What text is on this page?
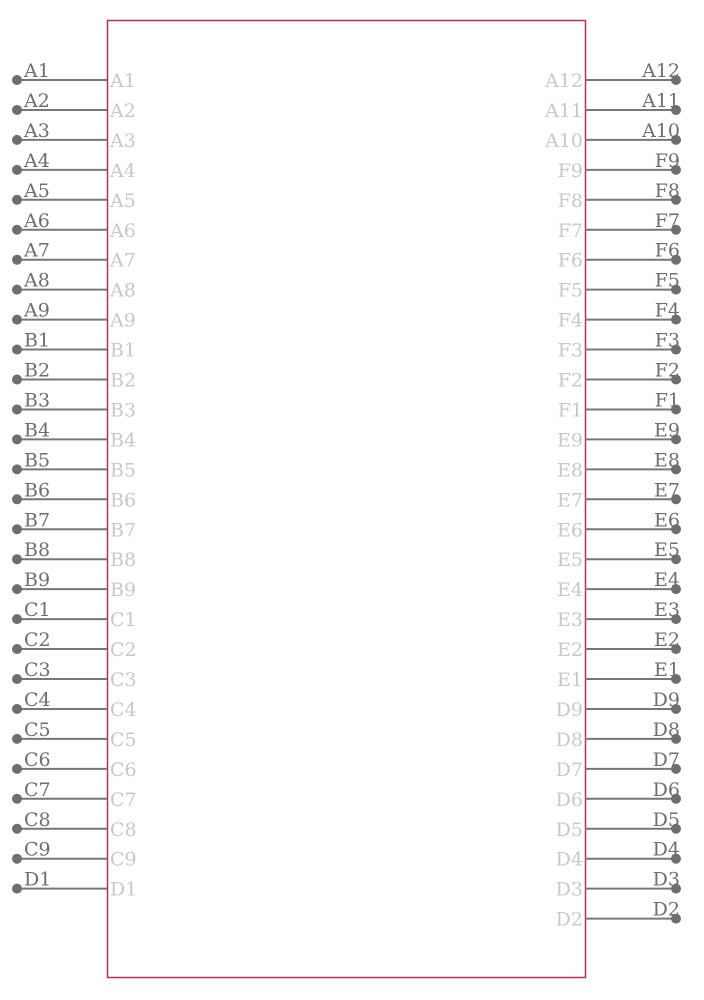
A1	A1
A2	A2
A3	A3
A4	A4
A5	A5
A6	A6
A7	A7
A8	A8
A9	A9
B1	B1
B2	B2
B3	B3
B4	B4
B5	B5
B6	B6
B7	B7
B8	B8
B9	B9
C1	C1
C2	C2
C3	C3
C4	C4
C5	C5
C6	C6
C7	C7
C8	C8
C9	C9
D1	D1
A12
A12
A11
A11
A10
A10
F9
F9
F8
F8
F7
F7
F6
F6
F5
F5
F4
F4
F3
F3
F2
F2
F1
F1
E9
E9
E8
E8
E7
E7
E6
E6
E5
E5
E4
E4
E3
E3
E2
E2
E1
E1
D9
D9
D8
D8
D7
D7
D6
D6
D5
D5
D4
D4
D3
D3
D2
D2
